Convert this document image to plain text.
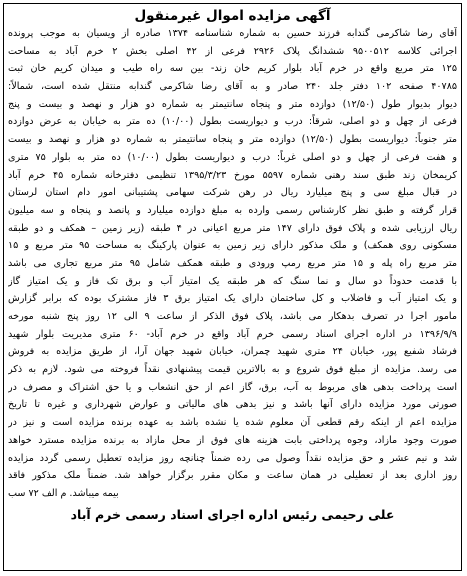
آگهی مزایده اموال غیرمنقول
آقای رضا شاکرمی گندابه فرزند حسین به شماره شناسنامه ۱۳۷۴ صادره از ویسیان به موجب پرونده
اجرائی کلاسه ۹۵۰۰۵۱۲ ششدانگ پلاک ۲۹۲۶ فرعی از ۴۲ اصلی بخش ۲ خرم آباد به مساحت
۱۲۵ متر مربع واقع در خرم آباد بلوار کریم خان زند- بین سه راه طیب و میدان کریم خان ثبت
۴۰۷۸۵ صفحه ۱۰۲ دفتر جلد ۲۴۰ صادر و به آقای رضا شاکرمی گندابه منتقل شده است، شمالاً:
دیوار بدیوار طول (۱۲/۵۰) دوازده متر و پنجاه سانتیمتر به شماره دو هزار و نهصد و بیست و پنج
فرعی از چهل و دو اصلی، شرقاً: درب و دیواریست بطول (۱۰/۰۰) ده متر به خیابان به عرض دوازده
متر جنوباً: دیواریست بطول (۱۲/۵۰) دوازده متر و پنجاه سانتیمتر به شماره دو هزار و نهصد و بیست
و هفت فرعی از چهل و دو اصلی غرباً: درب و دیواریست بطول (۱۰/۰۰) ده متر به بلوار ۷۵ متری
کریمخان زند طبق سند رهنی شماره ۵۵۹۷ مورخ ۱۳۹۵/۳/۲۳ تنظیمی دفترخانه شماره ۴۵ خرم آباد
در قبال مبلغ سی و پنج میلیارد ریال در رهن شرکت سهامی پشتیبانی امور دام استان لرستان
قرار گرفته و طبق نظر کارشناس رسمی وارده به مبلغ دوازده میلیارد و پانصد و پنجاه و سه میلیون
ریال ارزیابی شده و پلاک فوق دارای ۱۴۷ متر مربع اعیانی در ۴ طبقه (زیر زمین – همکف و دو طبقه
مسکونی روی همکف) و ملک مذکور دارای زیر زمین به عنوان پارکینگ به مساحت ۹۵ متر مربع و ۱۵
متر مربع راه پله و ۱۵ متر مربع رمپ ورودی و طبقه همکف شامل ۹۵ متر مربع تجاری می باشد
با قدمت حدوداً دو سال و نما سنگ که هر طبقه یک امتیاز آب و برق تک فاز و یک امتیاز گاز
و یک امتیاز آب و فاضلاب و کل ساختمان دارای یک امتیاز برق ۳ فاز مشترک بوده که برابر گزارش
مامور اجرا در تصرف بدهکار می باشد، پلاک فوق الذکر از ساعت ۹ الی ۱۲ روز پنج شنبه مورخه
۱۳۹۶/۹/۹ در اداره اجرای اسناد رسمی خرم آباد واقع در خرم آباد- ۶۰ متری مدیریت بلوار شهید
فرشاد شفیع پور، خیابان ۲۴ متری شهید چمران، خیابان شهید جهان آرا، از طریق مزایده به فروش
می رسد. مزایده از مبلغ فوق شروع و به بالاترین قیمت پیشنهادی نقداً فروخته می شود. لازم به ذکر
است پرداخت بدهی های مربوط به آب، برق، گاز اعم از حق انشعاب و یا حق اشتراک و مصرف در
صورتی مورد مزایده دارای آنها باشد و نیز بدهی های مالیاتی و عوارض شهرداری و غیره تا تاریخ
مزایده اعم از اینکه رقم قطعی آن معلوم شده یا نشده باشد به عهده برنده مزایده است و نیز در
صورت وجود مازاد، وجوه پرداختی بابت هزینه های فوق از محل مازاد به برنده مزایده مسترد خواهد
شد و نیم عشر و حق مزایده نقداً وصول می رده ضمناً چنانچه روز مزایده تعطیل رسمی گردد مزایده
روز اداری بعد از تعطیلی در همان ساعت و مکان مقرر برگزار خواهد شد. ضمناً ملک مذکور فاقد
بیمه میباشد. م الف ۷۲ سب
علی رحیمی رئیس اداره اجرای اسناد رسمی خرم آباد
